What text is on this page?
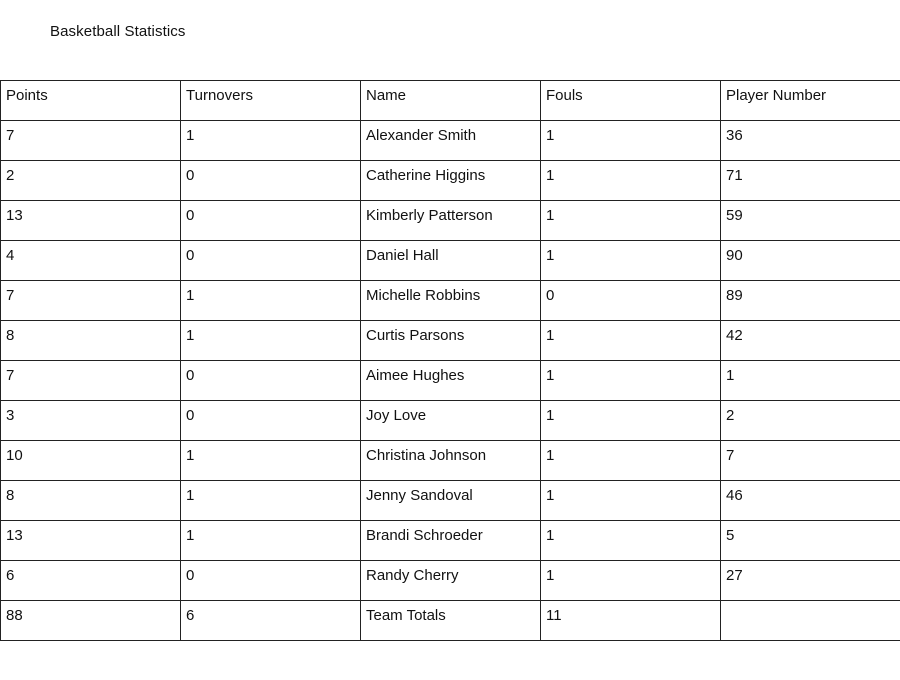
Basketball Statistics
Points	Turnovers	Name	Fouls	Player Number
7	1	Alexander Smith	1	36
2	0	Catherine Higgins	1	71
13	0	Kimberly Patterson	1	59
4	0	Daniel Hall	1	90
7	1	Michelle Robbins	0	89
8	1	Curtis Parsons	1	42
7	0	Aimee Hughes	1	1
3	0	Joy Love	1	2
10	1	Christina Johnson	1	7
8	1	Jenny Sandoval	1	46
13	1	Brandi Schroeder	1	5
6	0	Randy Cherry	1	27
88	6	Team Totals	11	
